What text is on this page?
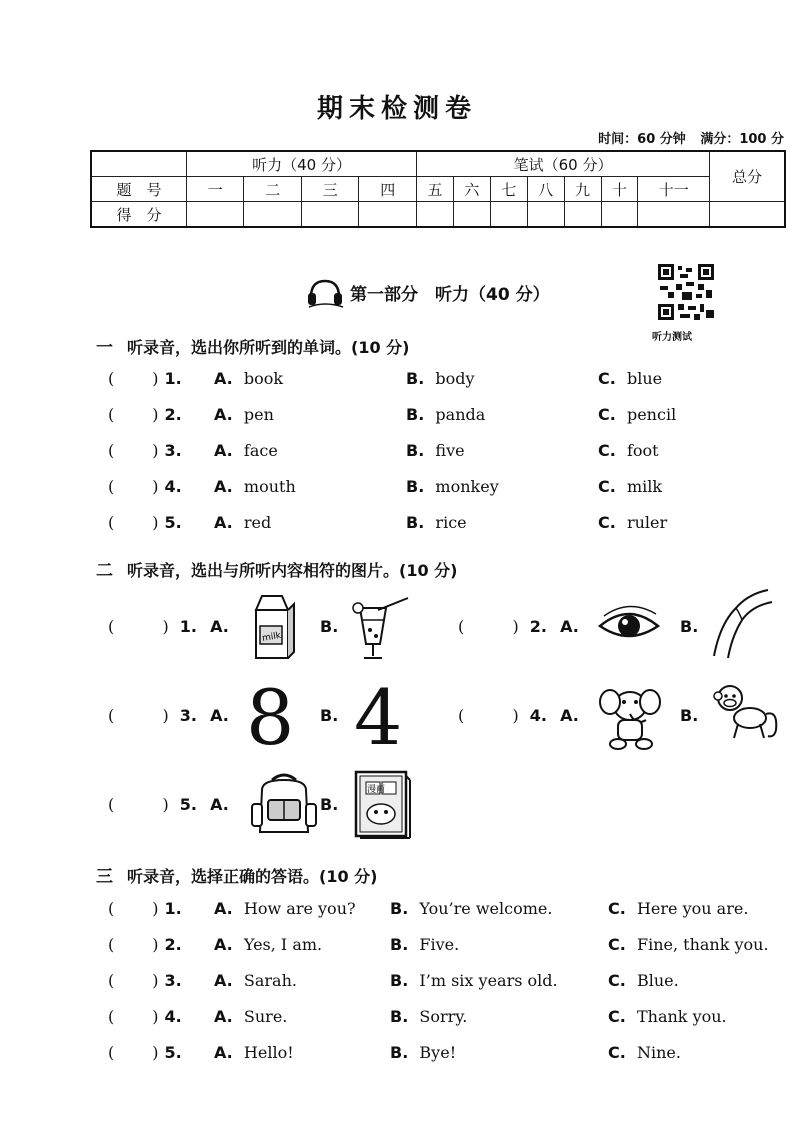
期末检测卷
时间：60 分钟 满分：100 分
	听力（40 分）				笔试（60 分）							总分
题　号	一	二	三	四	五	六	七	八	九	十	十一	
得　分												
第一部分　听力（40 分）
听力测试
一 听录音，选出你所听到的单词。(10 分)
( ) 1. A. book	B. body	C. blue
( ) 2. A. pen	B. panda	C. pencil
( ) 3. A. face	B. five	C. foot
( ) 4. A. mouth	B. monkey	C. milk
( ) 5. A. red	B. rice	C. ruler
二 听录音，选出与所听内容相符的图片。(10 分)
(	) 1. A.
milk
B.	(	) 2. A.	B.
(	) 3. A. 8 B. 4	(	) 4. A.	B.
(	) 5. A.	B.
漫画
三 听录音，选择正确的答语。(10 分)
( ) 1. A. How are you? B. You’re welcome.	C. Here you are.
( ) 2. A. Yes, I am.	B. Five.	C. Fine, thank you.
( ) 3. A. Sarah.	B. I’m six years old.	C. Blue.
( ) 4. A. Sure.	B. Sorry.	C. Thank you.
( ) 5. A. Hello!	B. Bye!	C. Nine.
